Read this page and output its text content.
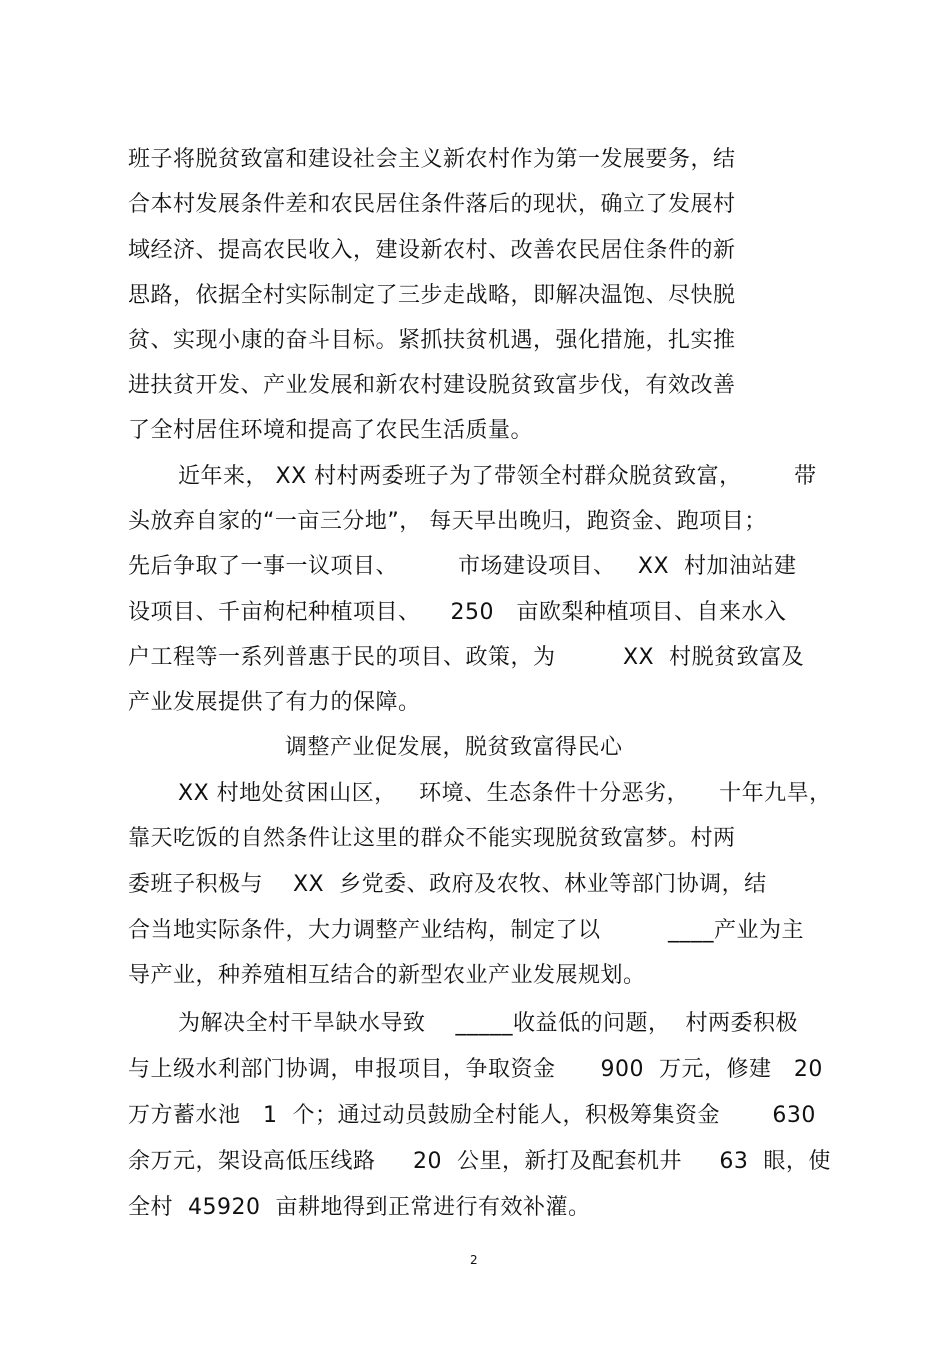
班子将脱贫致富和建设社会主义新农村作为第一发展要务，结
合本村发展条件差和农民居住条件落后的现状，确立了发展村
域经济、提高农民收入，建设新农村、改善农民居住条件的新
思路，依据全村实际制定了三步走战略，即解决温饱、尽快脱
贫、实现小康的奋斗目标。紧抓扶贫机遇，强化措施，扎实推
进扶贫开发、产业发展和新农村建设脱贫致富步伐，有效改善
了全村居住环境和提高了农民生活质量。
近年来， XX 村村两委班子为了带领全村群众脱贫致富，       带
头放弃自家的“一亩三分地”， 每天早出晚归，跑资金、跑项目；
先后争取了一事一议项目、        市场建设项目、   XX  村加油站建
设项目、千亩枸杞种植项目、    250   亩欧梨种植项目、自来水入
户工程等一系列普惠于民的项目、政策，为         XX  村脱贫致富及
产业发展提供了有力的保障。
调整产业促发展，脱贫致富得民心
XX 村地处贫困山区，   环境、生态条件十分恶劣，    十年九旱，
靠天吃饭的自然条件让这里的群众不能实现脱贫致富梦。村两
委班子积极与    XX  乡党委、政府及农牧、林业等部门协调，结
合当地实际条件，大力调整产业结构，制定了以         ____产业为主
导产业，种养殖相互结合的新型农业产业发展规划。
为解决全村干旱缺水导致    _____收益低的问题，  村两委积极
与上级水利部门协调，申报项目，争取资金      900  万元，修建   20
万方蓄水池   1  个；通过动员鼓励全村能人，积极筹集资金       630
余万元，架设高低压线路     20  公里，新打及配套机井     63  眼，使
全村  45920  亩耕地得到正常进行有效补灌。
2
